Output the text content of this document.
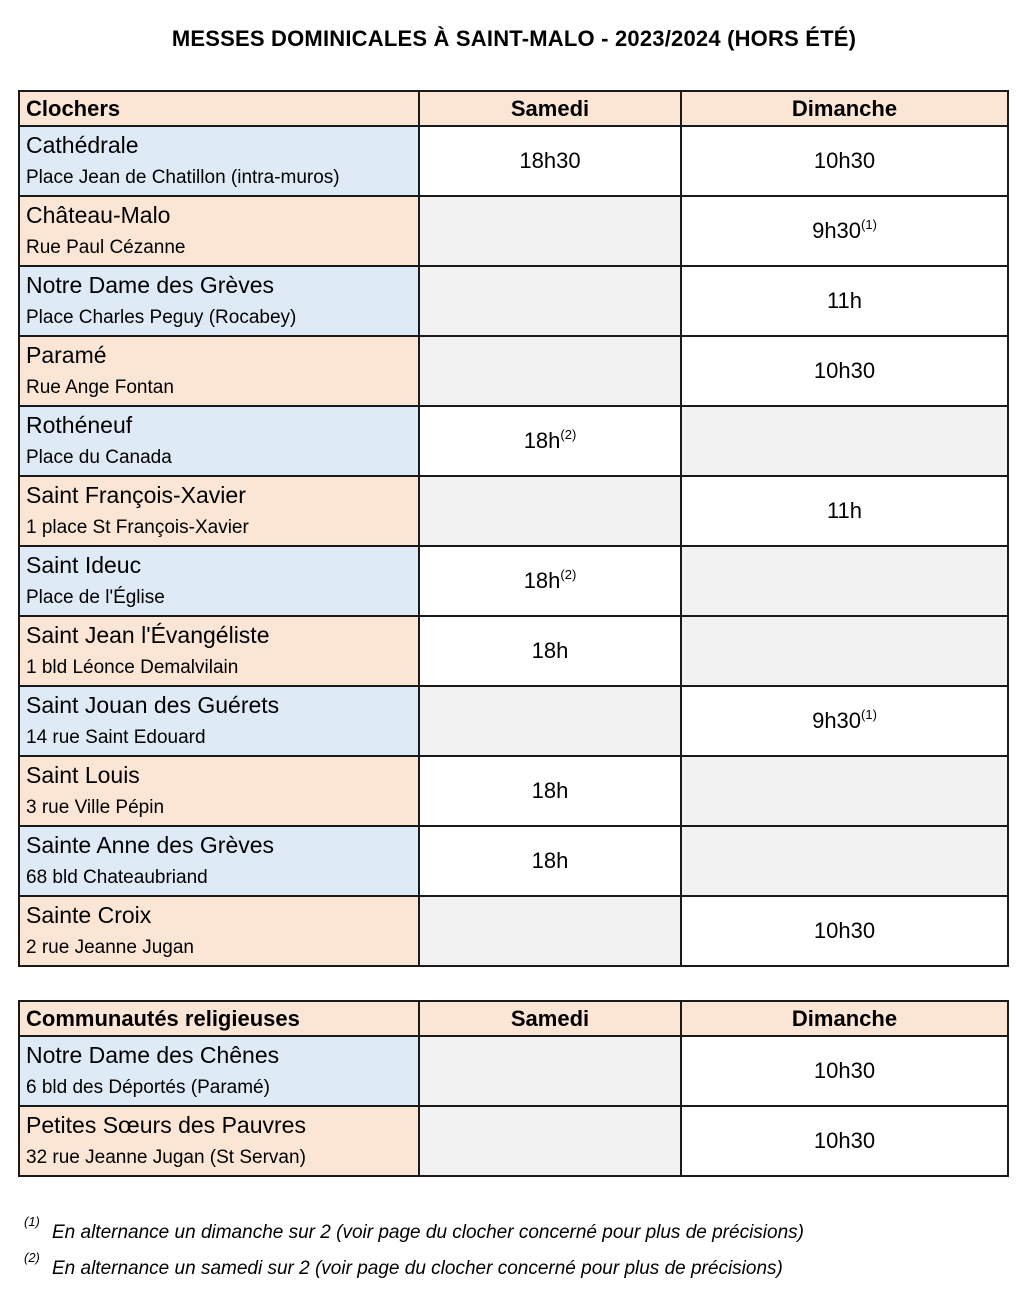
MESSES DOMINICALES À SAINT-MALO - 2023/2024 (HORS ÉTÉ)
Clochers	Samedi	Dimanche

Cathédrale
Place Jean de Chatillon (intra-muros)	18h30	10h30

Château-Malo
Rue Paul Cézanne		9h30$^{(1)}$

Notre Dame des Grèves
Place Charles Peguy (Rocabey)		11h

Paramé
Rue Ange Fontan		10h30

Rothéneuf
Place du Canada	$18h^{(2)}$	

Saint François-Xavier
1 place St François-Xavier		11h

Saint Ideuc
Place de l'Église	$18h^{(2)}$	

Saint Jean l'Évangéliste
1 bld Léonce Demalvilain	18h	

Saint Jouan des Guérets
14 rue Saint Edouard		9h30$^{(1)}$

Saint Louis
3 rue Ville Pépin	18h	

Sainte Anne des Grèves
68 bld Chateaubriand	18h	

Sainte Croix
2 rue Jeanne Jugan		10h30
Communautés religieuses	Samedi	Dimanche

Notre Dame des Chênes
6 bld des Déportés (Paramé)		10h30

Petites Sœurs des Pauvres
32 rue Jeanne Jugan (St Servan)		10h30
(1)
En alternance un dimanche sur 2 (voir page du clocher concerné pour plus de précisions)
(2)
En alternance un samedi sur 2 (voir page du clocher concerné pour plus de précisions)
